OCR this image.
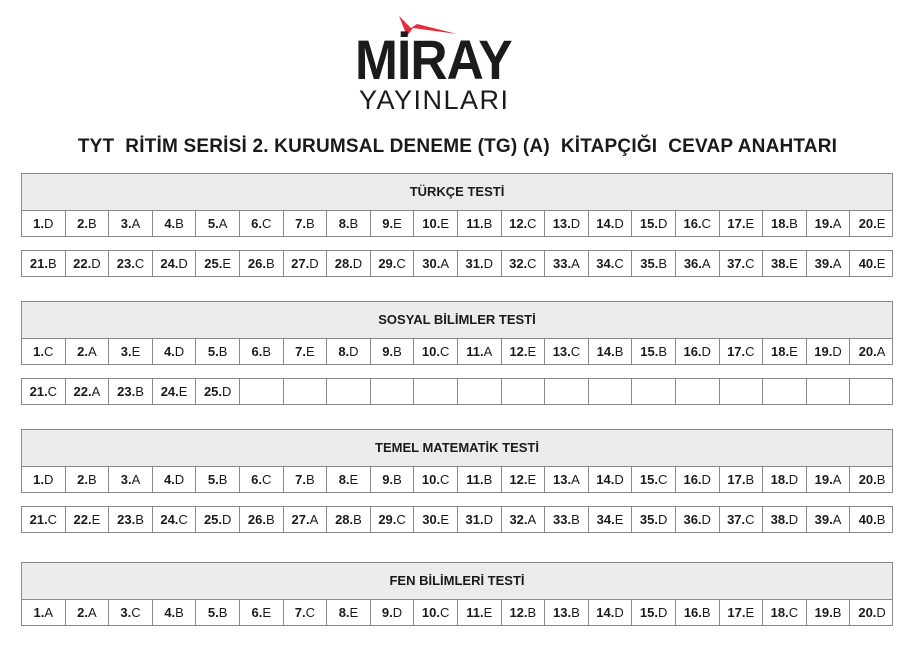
MİRAY
YAYINLARI
TYT  RİTİM SERİSİ 2. KURUMSAL DENEME (TG) (A)  KİTAPÇIĞI  CEVAP ANAHTARI
TÜRKÇE TESTİ
1. D 2. B 3. A 4. B 5. A 6. C 7. B 8. B 9. E 10. E 11. B 12. C 13. D 14. D 15. D 16. C 17. E 18. B 19. A 20. E
21. B 22. D 23. C 24. D 25. E 26. B 27. D 28. D 29. C 30. A 31. D 32. C 33. A 34. C 35. B 36. A 37. C 38. E 39. A 40. E
SOSYAL BİLİMLER TESTİ
1. C 2. A 3. E 4. D 5. B 6. B 7. E 8. D 9. B 10. C 11. A 12. E 13. C 14. B 15. B 16. D 17. C 18. E 19. D 20. A
21. C 22. A 23. B 24. E 25. D
TEMEL MATEMATİK TESTİ
1. D 2. B 3. A 4. D 5. B 6. C 7. B 8. E 9. B 10. C 11. B 12. E 13. A 14. D 15. C 16. D 17. B 18. D 19. A 20. B
21. C 22. E 23. B 24. C 25. D 26. B 27. A 28. B 29. C 30. E 31. D 32. A 33. B 34. E 35. D 36. D 37. C 38. D 39. A 40. B
FEN BİLİMLERİ TESTİ
1. A 2. A 3. C 4. B 5. B 6. E 7. C 8. E 9. D 10. C 11. E 12. B 13. B 14. D 15. D 16. B 17. E 18. C 19. B 20. D
